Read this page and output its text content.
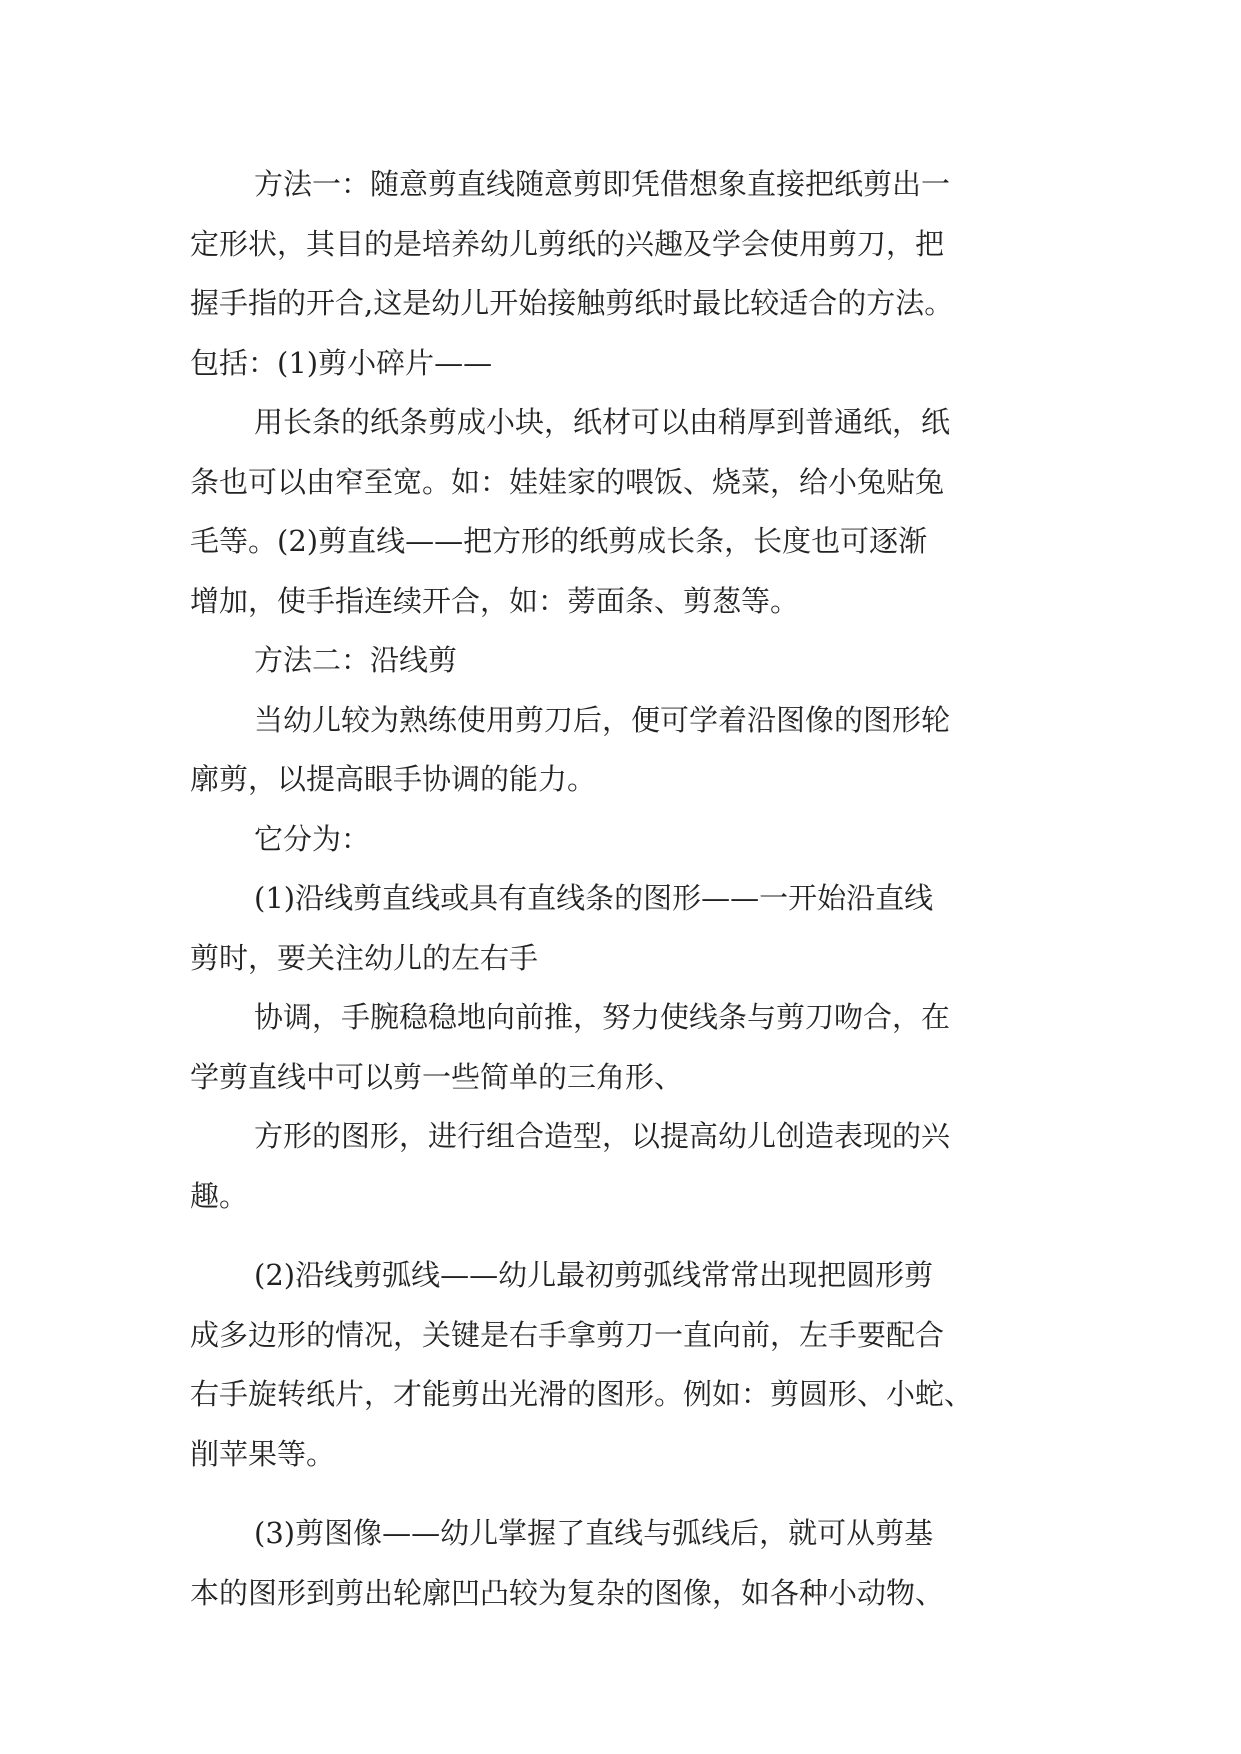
方法一：随意剪直线随意剪即凭借想象直接把纸剪出一
定形状，其目的是培养幼儿剪纸的兴趣及学会使用剪刀，把
握手指的开合,这是幼儿开始接触剪纸时最比较适合的方法。
包括：(1)剪小碎片——
用长条的纸条剪成小块，纸材可以由稍厚到普通纸，纸
条也可以由窄至宽。如：娃娃家的喂饭、烧菜，给小兔贴兔
毛等。(2)剪直线——把方形的纸剪成长条，长度也可逐渐
增加，使手指连续开合，如：蒡面条、剪葱等。
方法二：沿线剪
当幼儿较为熟练使用剪刀后，便可学着沿图像的图形轮
廓剪，以提高眼手协调的能力。
它分为：
(1)沿线剪直线或具有直线条的图形——一开始沿直线
剪时，要关注幼儿的左右手
协调，手腕稳稳地向前推，努力使线条与剪刀吻合，在
学剪直线中可以剪一些简单的三角形、
方形的图形，进行组合造型，以提高幼儿创造表现的兴
趣。
(2)沿线剪弧线——幼儿最初剪弧线常常出现把圆形剪
成多边形的情况，关键是右手拿剪刀一直向前，左手要配合
右手旋转纸片，才能剪出光滑的图形。例如：剪圆形、小蛇、
削苹果等。
(3)剪图像——幼儿掌握了直线与弧线后，就可从剪基
本的图形到剪出轮廓凹凸较为复杂的图像，如各种小动物、
